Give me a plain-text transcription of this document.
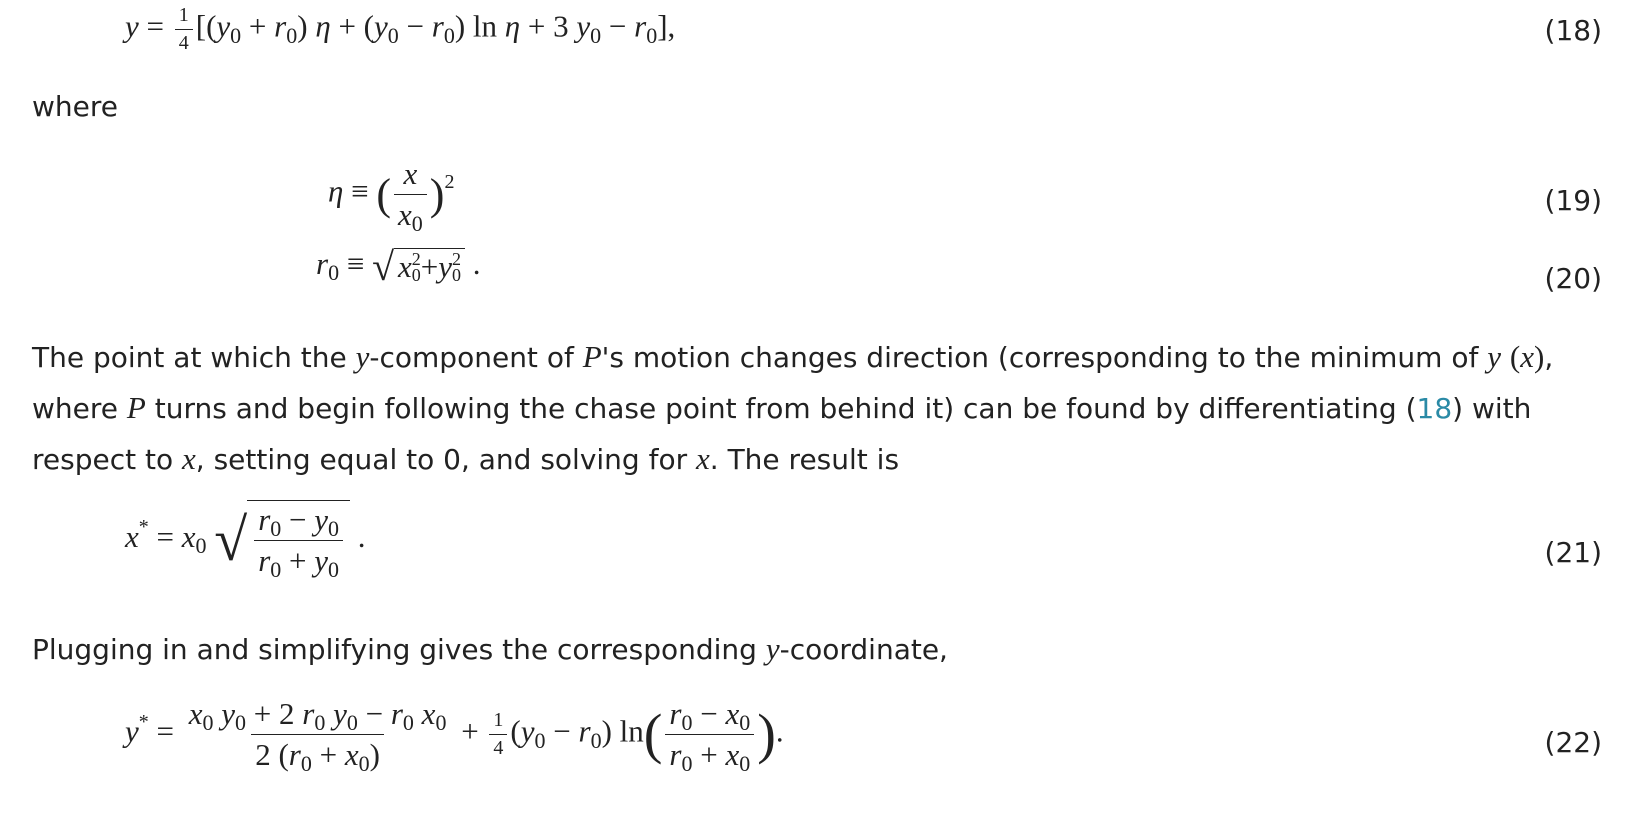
$y = \frac{1}{4} [(y0 + r0) \eta + (y0 - r0)$ ln η + 3 y0 − r0],	(18)
where
η ≡ ( $\frac{x}{x0} )^2$
(19)
r0 ≡ √ x 2
0 + y 2
0 .	(20)
The point at which the y-component of P's motion changes direction (corresponding to the minimum of y (x), where P turns and begin following the chase point from behind it) can be found by differentiating (18) with respect to x, setting equal to 0, and solving for x. The result is
x* = x0 √ $\frac{r0 - y0}{r0 + y0}$ .	(21)
Plugging in and simplifying gives the corresponding y-coordinate,
$y^* = \frac{x0 y0 + 2 r0 y0 - r0 x0}{2 (r0 + x0)} + \frac{1}{4} (y0 - r0)$ $\ln( \frac{r0 - x0}{r0 + x0}$ ).	(22)
